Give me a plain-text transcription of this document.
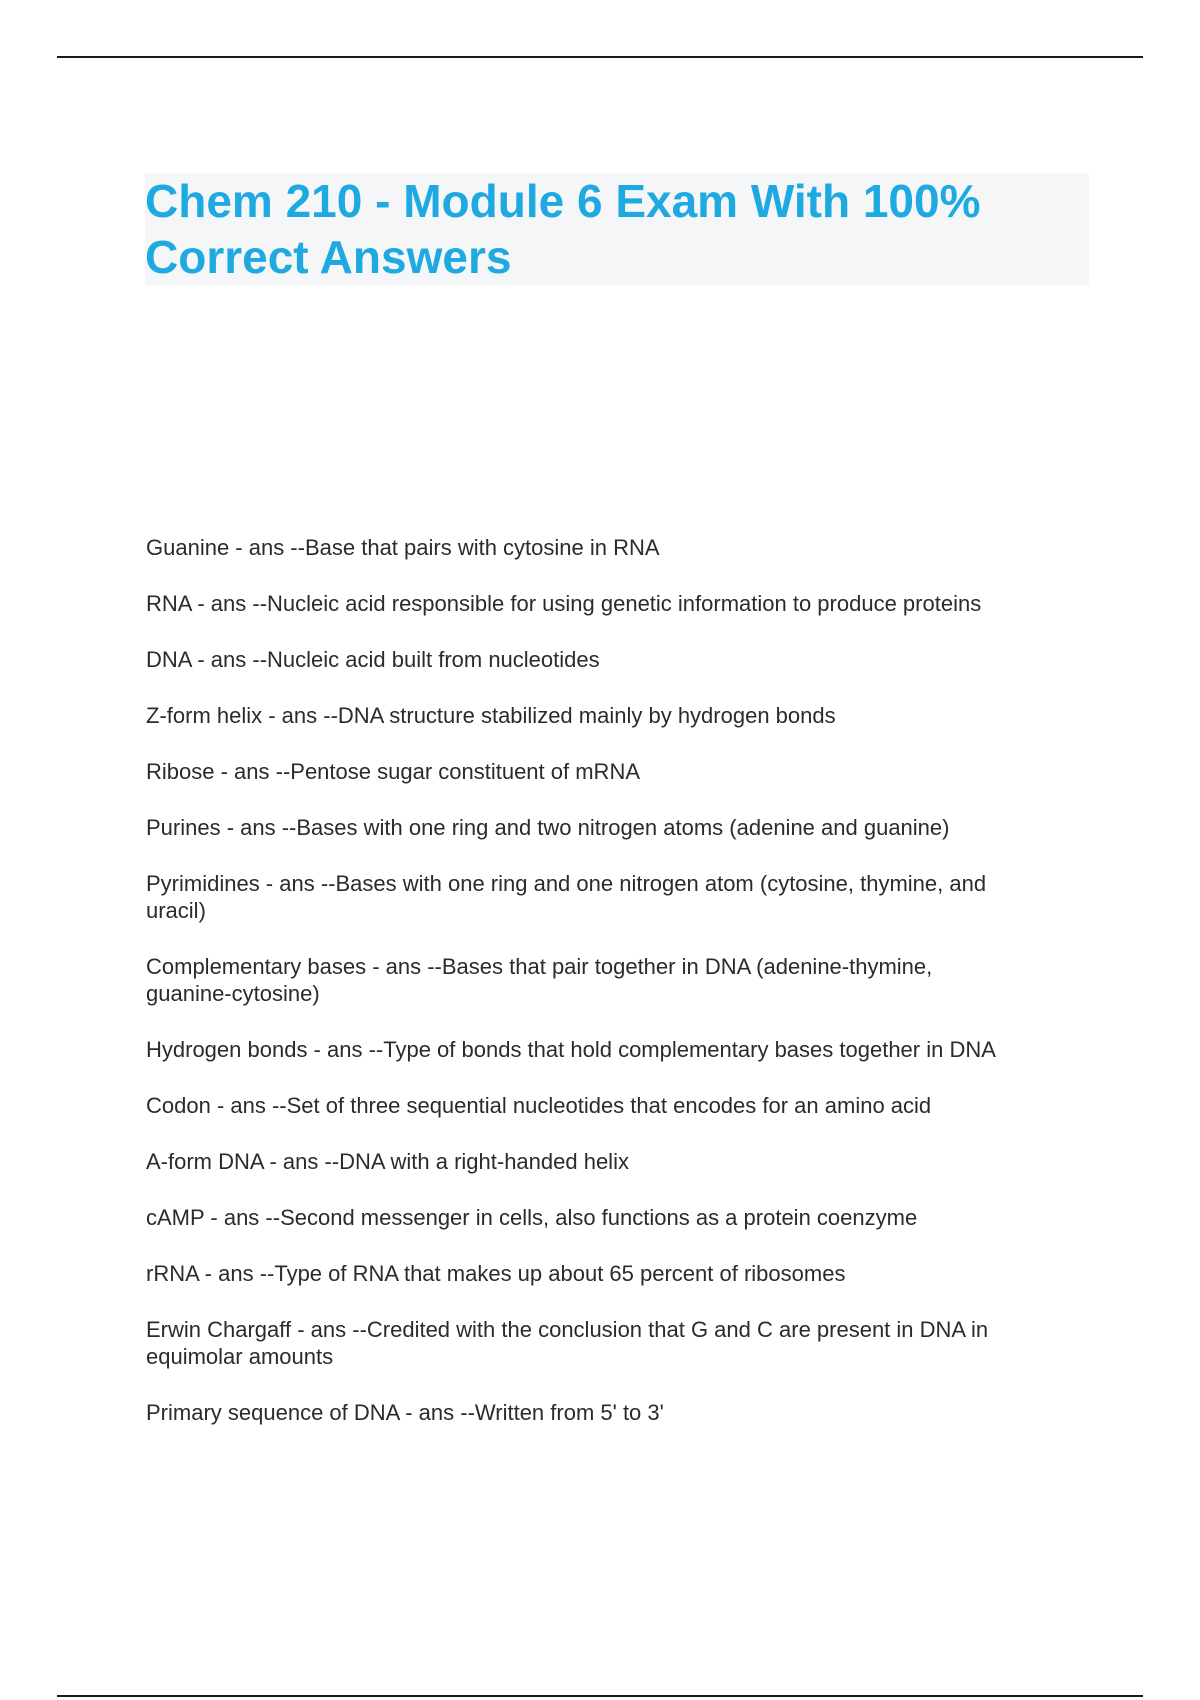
Chem 210 - Module 6 Exam With 100%
Correct Answers
Guanine - ans --Base that pairs with cytosine in RNA
RNA - ans --Nucleic acid responsible for using genetic information to produce proteins
DNA - ans --Nucleic acid built from nucleotides
Z-form helix - ans --DNA structure stabilized mainly by hydrogen bonds
Ribose - ans --Pentose sugar constituent of mRNA
Purines - ans --Bases with one ring and two nitrogen atoms (adenine and guanine)
Pyrimidines - ans --Bases with one ring and one nitrogen atom (cytosine, thymine, and
uracil)
Complementary bases - ans --Bases that pair together in DNA (adenine-thymine,
guanine-cytosine)
Hydrogen bonds - ans --Type of bonds that hold complementary bases together in DNA
Codon - ans --Set of three sequential nucleotides that encodes for an amino acid
A-form DNA - ans --DNA with a right-handed helix
cAMP - ans --Second messenger in cells, also functions as a protein coenzyme
rRNA - ans --Type of RNA that makes up about 65 percent of ribosomes
Erwin Chargaff - ans --Credited with the conclusion that G and C are present in DNA in
equimolar amounts
Primary sequence of DNA - ans --Written from 5' to 3'
